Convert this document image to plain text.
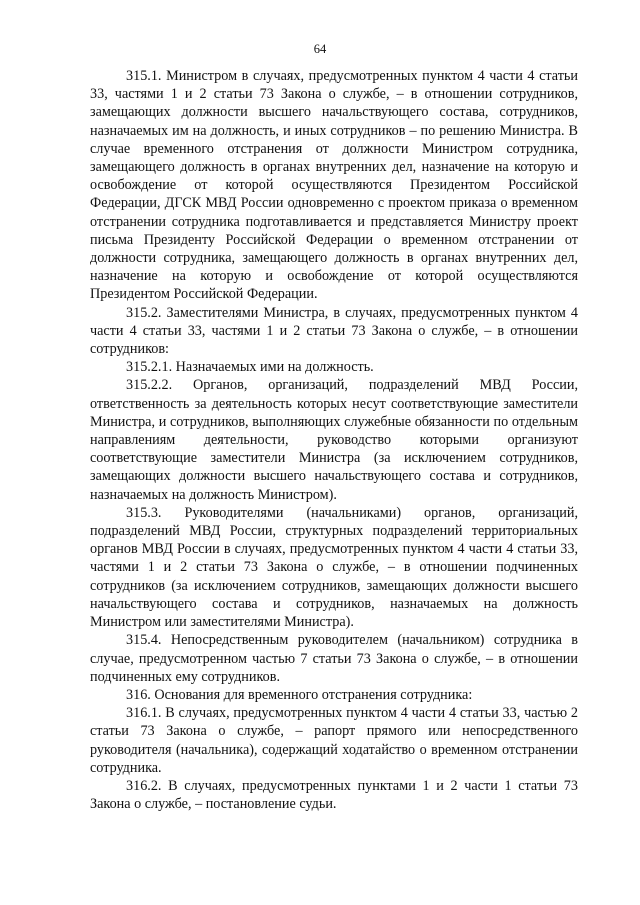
64

315.1. Министром в случаях, предусмотренных пунктом 4 части 4 статьи 33, частями 1 и 2 статьи 73 Закона о службе, – в отношении сотрудников, замещающих должности высшего начальствующего состава, сотрудников, назначаемых им на должность, и иных сотрудников – по решению Министра. В случае временного отстранения от должности Министром сотрудника, замещающего должность в органах внутренних дел, назначение на которую и освобождение от которой осуществляются Президентом Российской Федерации, ДГСК МВД России одновременно с проектом приказа о временном отстранении сотрудника подготавливается и представляется Министру проект письма Президенту Российской Федерации о временном отстранении от должности сотрудника, замещающего должность в органах внутренних дел, назначение на которую и освобождение от которой осуществляются Президентом Российской Федерации.

315.2. Заместителями Министра, в случаях, предусмотренных пунктом 4 части 4 статьи 33, частями 1 и 2 статьи 73 Закона о службе, – в отношении сотрудников:

315.2.1. Назначаемых ими на должность.

315.2.2. Органов, организаций, подразделений МВД России, ответственность за деятельность которых несут соответствующие заместители Министра, и сотрудников, выполняющих служебные обязанности по отдельным направлениям деятельности, руководство которыми организуют соответствующие заместители Министра (за исключением сотрудников, замещающих должности высшего начальствующего состава и сотрудников, назначаемых на должность Министром).

315.3. Руководителями (начальниками) органов, организаций, подразделений МВД России, структурных подразделений территориальных органов МВД России в случаях, предусмотренных пунктом 4 части 4 статьи 33, частями 1 и 2 статьи 73 Закона о службе, – в отношении подчиненных сотрудников (за исключением сотрудников, замещающих должности высшего начальствующего состава и сотрудников, назначаемых на должность Министром или заместителями Министра).

315.4. Непосредственным руководителем (начальником) сотрудника в случае, предусмотренном частью 7 статьи 73 Закона о службе, – в отношении подчиненных ему сотрудников.

316. Основания для временного отстранения сотрудника:

316.1. В случаях, предусмотренных пунктом 4 части 4 статьи 33, частью 2 статьи 73 Закона о службе, – рапорт прямого или непосредственного руководителя (начальника), содержащий ходатайство о временном отстранении сотрудника.

316.2. В случаях, предусмотренных пунктами 1 и 2 части 1 статьи 73 Закона о службе, – постановление судьи.
